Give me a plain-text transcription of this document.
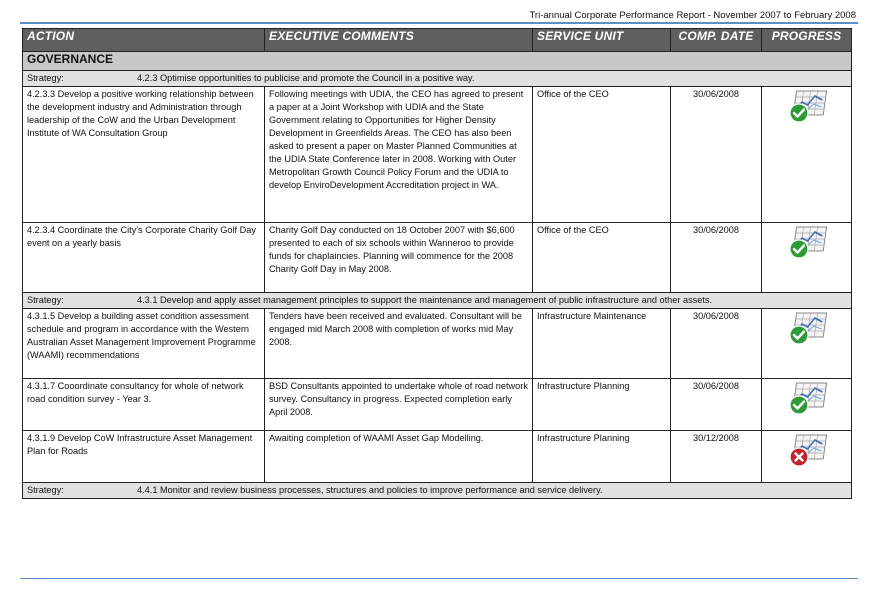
Tri-annual Corporate Performance Report - November 2007 to February 2008
ACTION	EXECUTIVE COMMENTS	SERVICE UNIT	COMP. DATE	PROGRESS
GOVERNANCE				
Strategy: 4.2.3 Optimise opportunities to publicise and promote the Council in a positive way.				
4.2.3.3 Develop a positive working relationship between the development industry and Administration through leadership of the CoW and the Urban Development Institute of WA Consultation Group	Following meetings with UDIA, the CEO has agreed to present a paper at a Joint Workshop with UDIA and the State Government relating to Opportunities for Higher Density Development in Greenfields Areas. The CEO has also been asked to present a paper on Master Planned Communities at the UDIA State Conference later in 2008. Working with Outer Metropolitan Growth Council Policy Forum and the UDIA to develop EnviroDevelopment Accreditation project in WA.	Office of the CEO	30/06/2008	
4.2.3.4 Coordinate the City's Corporate Charity Golf Day event on a yearly basis	Charity Golf Day conducted on 18 October 2007 with $6,600 presented to each of six schools within Wanneroo to provide funds for chaplaincies. Planning will commence for the 2008 Charity Golf Day in May 2008.	Office of the CEO	30/06/2008	
Strategy: 4.3.1 Develop and apply asset management principles to support the maintenance and management of public infrastructure and other assets.				
4.3.1.5 Develop a building asset condition assessment schedule and program in accordance with the Western Australian Asset Management Improvement Programme (WAAMI) recommendations	Tenders have been received and evaluated. Consultant will be engaged mid March 2008 with completion of works mid May 2008.	Infrastructure Maintenance	30/06/2008	
4.3.1.7 Cooordinate consultancy for whole of network road condition survey - Year 3.	BSD Consultants appointed to undertake whole of road network survey. Consultancy in progress. Expected completion early April 2008.	Infrastructure Planning	30/06/2008	
4.3.1.9 Develop CoW Infrastructure Asset Management Plan for Roads	Awaiting completion of WAAMI Asset Gap Modelling.	Infrastructure Planning	30/12/2008	
Strategy: 4.4.1 Monitor and review business processes, structures and policies to improve performance and service delivery.				
